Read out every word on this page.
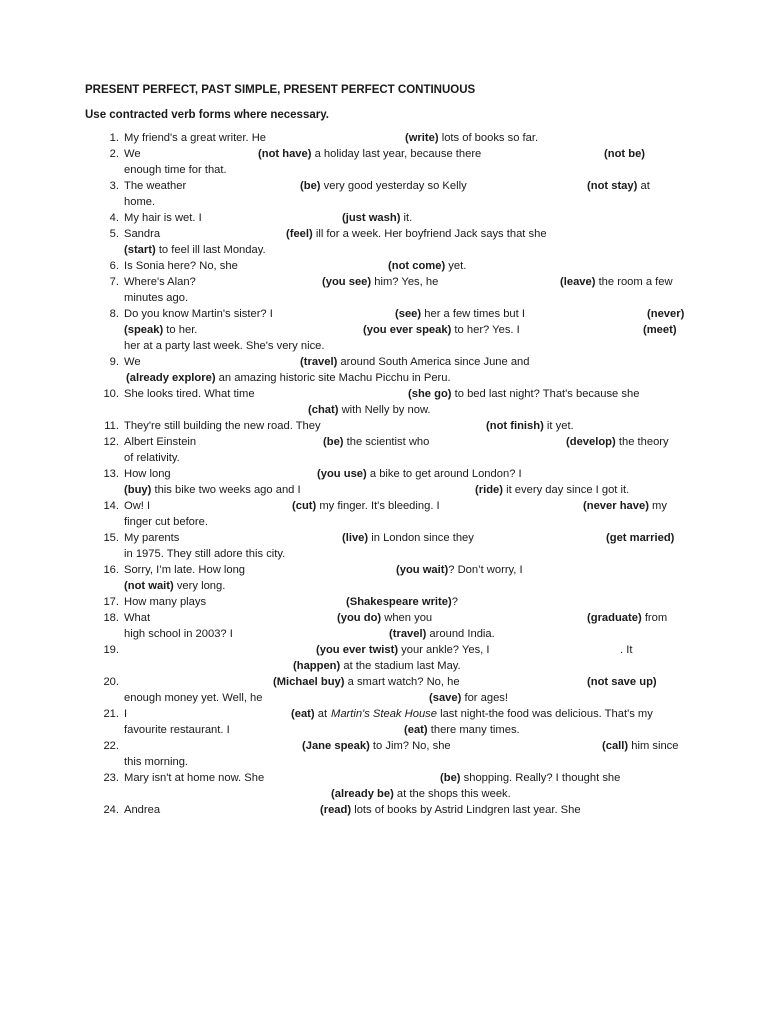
PRESENT PERFECT, PAST SIMPLE, PRESENT PERFECT CONTINUOUS
Use contracted verb forms where necessary.
1. My friend's a great writer. He	(write) lots of books so far.
2. We	(not have) a holiday last year, because there	(not be)
enough time for that.
3. The weather	(be) very good yesterday so Kelly	(not stay) at
home.
4. My hair is wet. I	(just wash) it.
5. Sandra	(feel) ill for a week. Her boyfriend Jack says that she
(start) to feel ill last Monday.
6. Is Sonia here? No, she	(not come) yet.
7. Where's Alan?	(you see) him? Yes, he	(leave) the room a few
minutes ago.
8. Do you know Martin's sister? I	(see) her a few times but I	(never)
(speak) to her.	(you ever speak) to her? Yes. I	(meet)
her at a party last week. She's very nice.
9. We	(travel) around South America since June and
(already explore) an amazing historic site Machu Picchu in Peru.
10. She looks tired. What time	(she go) to bed last night? That's because she
(chat) with Nelly by now.
11. They're still building the new road. They	(not finish) it yet.
12. Albert Einstein	(be) the scientist who	(develop) the theory
of relativity.
13. How long	(you use) a bike to get around London? I
(buy) this bike two weeks ago and I	(ride) it every day since I got it.
14. Ow! I	(cut) my finger. It's bleeding. I	(never have) my
finger cut before.
15. My parents	(live) in London since they	(get married)
in 1975. They still adore this city.
16. Sorry, I’m late. How long	(you wait)? Don’t worry, I
(not wait) very long.
17. How many plays	(Shakespeare write)?
18. What	(you do) when you	(graduate) from
high school in 2003? I	(travel) around India.
19.	(you ever twist) your ankle? Yes, I	. It
(happen) at the stadium last May.
20.	(Michael buy) a smart watch? No, he	(not save up)
enough money yet. Well, he	(save) for ages!
21. I	(eat) at Martin's Steak House last night-the food was delicious. That's my
favourite restaurant. I	(eat) there many times.
22.	(Jane speak) to Jim? No, she	(call) him since
this morning.
23. Mary isn't at home now. She	(be) shopping. Really? I thought she
(already be) at the shops this week.
24. Andrea	(read) lots of books by Astrid Lindgren last year. She
